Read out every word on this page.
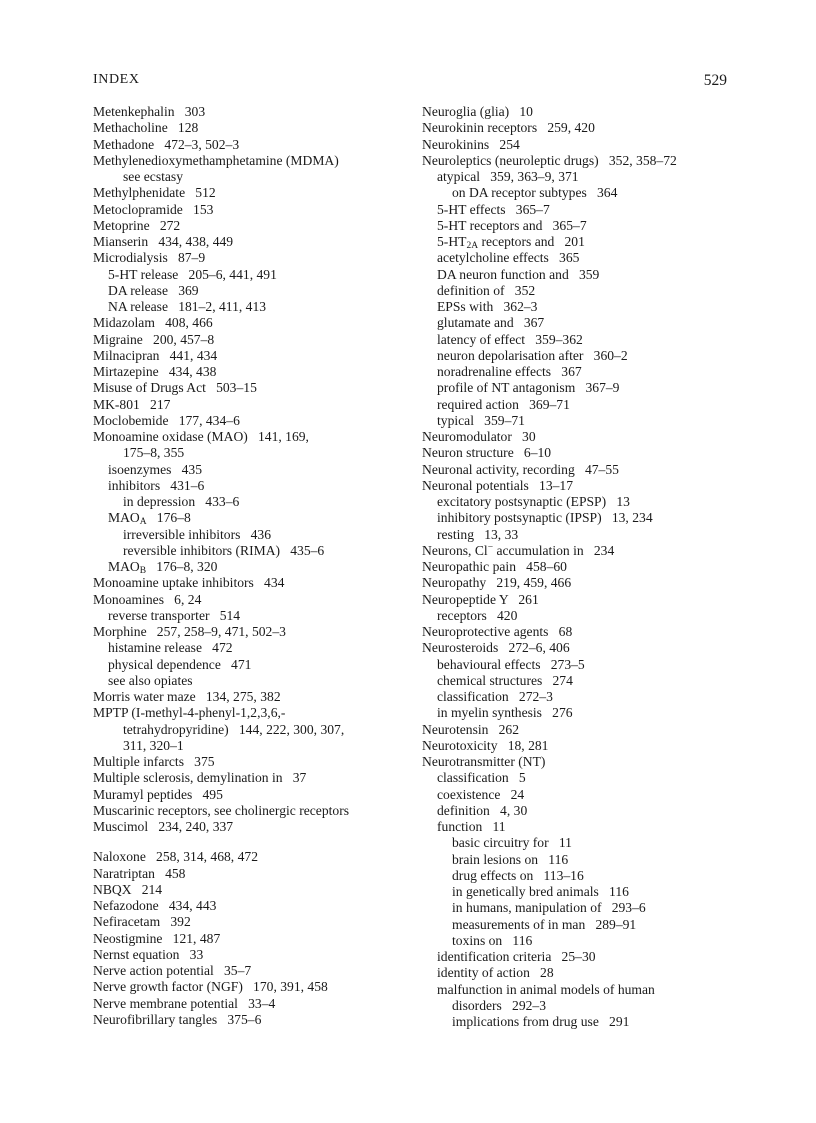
INDEX	529
Metenkephalin   303
Methacholine   128
Methadone   472–3, 502–3
Methylenedioxymethamphetamine (MDMA)
see ecstasy
Methylphenidate   512
Metoclopramide   153
Metoprine   272
Mianserin   434, 438, 449
Microdialysis   87–9
5-HT release   205–6, 441, 491
DA release   369
NA release   181–2, 411, 413
Midazolam   408, 466
Migraine   200, 457–8
Milnacipran   441, 434
Mirtazepine   434, 438
Misuse of Drugs Act   503–15
MK-801   217
Moclobemide   177, 434–6
Monoamine oxidase (MAO)   141, 169,
175–8, 355
isoenzymes   435
inhibitors   431–6
in depression   433–6
$MAO_A$   176–8
irreversible inhibitors   436
reversible inhibitors (RIMA)   435–6
$MAO_B$   176–8, 320
Monoamine uptake inhibitors   434
Monoamines   6, 24
reverse transporter   514
Morphine   257, 258–9, 471, 502–3
histamine release   472
physical dependence   471
see also opiates
Morris water maze   134, 275, 382
MPTP (I-methyl-4-phenyl-1,2,3,6,-
tetrahydropyridine)   144, 222, 300, 307,
311, 320–1
Multiple infarcts   375
Multiple sclerosis, demylination in   37
Muramyl peptides   495
Muscarinic receptors, see cholinergic receptors
Muscimol   234, 240, 337
Naloxone   258, 314, 468, 472
Naratriptan   458
NBQX   214
Nefazodone   434, 443
Nefiracetam   392
Neostigmine   121, 487
Nernst equation   33
Nerve action potential   35–7
Nerve growth factor (NGF)   170, 391, 458
Nerve membrane potential   33–4
Neurofibrillary tangles   375–6
Neuroglia (glia)   10
Neurokinin receptors   259, 420
Neurokinins   254
Neuroleptics (neuroleptic drugs)   352, 358–72
atypical   359, 363–9, 371
on DA receptor subtypes   364
5-HT effects   365–7
5-HT receptors and   365–7
$5-HT_{2A}$ receptors and   201
acetylcholine effects   365
DA neuron function and   359
definition of   352
EPSs with   362–3
glutamate and   367
latency of effect   359–362
neuron depolarisation after   360–2
noradrenaline effects   367
profile of NT antagonism   367–9
required action   369–71
typical   359–71
Neuromodulator   30
Neuron structure   6–10
Neuronal activity, recording   47–55
Neuronal potentials   13–17
excitatory postsynaptic (EPSP)   13
inhibitory postsynaptic (IPSP)   13, 234
resting   13, 33
Neurons, Cl− accumulation in   234
Neuropathic pain   458–60
Neuropathy   219, 459, 466
Neuropeptide Y   261
receptors   420
Neuroprotective agents   68
Neurosteroids   272–6, 406
behavioural effects   273–5
chemical structures   274
classification   272–3
in myelin synthesis   276
Neurotensin   262
Neurotoxicity   18, 281
Neurotransmitter (NT)
classification   5
coexistence   24
definition   4, 30
function   11
basic circuitry for   11
brain lesions on   116
drug effects on   113–16
in genetically bred animals   116
in humans, manipulation of   293–6
measurements of in man   289–91
toxins on   116
identification criteria   25–30
identity of action   28
malfunction in animal models of human
disorders   292–3
implications from drug use   291
